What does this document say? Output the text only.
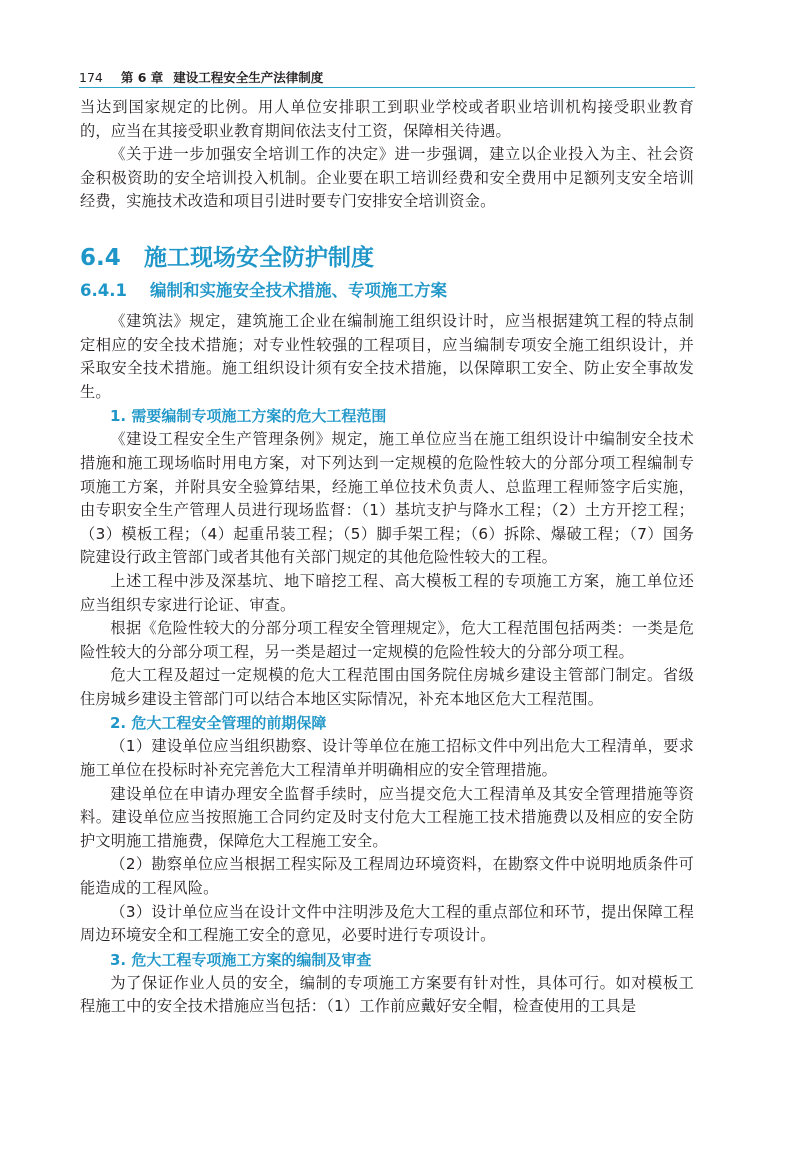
174 第 6 章 建设工程安全生产法律制度

当达到国家规定的比例。用人单位安排职工到职业学校或者职业培训机构接受职业教育的，应当在其接受职业教育期间依法支付工资，保障相关待遇。

《关于进一步加强安全培训工作的决定》进一步强调，建立以企业投入为主、社会资金积极资助的安全培训投入机制。企业要在职工培训经费和安全费用中足额列支安全培训经费，实施技术改造和项目引进时要专门安排安全培训资金。

6.4 施工现场安全防护制度
6.4.1 编制和实施安全技术措施、专项施工方案

《建筑法》规定，建筑施工企业在编制施工组织设计时，应当根据建筑工程的特点制定相应的安全技术措施；对专业性较强的工程项目，应当编制专项安全施工组织设计，并采取安全技术措施。施工组织设计须有安全技术措施，以保障职工安全、防止安全事故发生。

1. 需要编制专项施工方案的危大工程范围

《建设工程安全生产管理条例》规定，施工单位应当在施工组织设计中编制安全技术措施和施工现场临时用电方案，对下列达到一定规模的危险性较大的分部分项工程编制专项施工方案，并附具安全验算结果，经施工单位技术负责人、总监理工程师签字后实施，由专职安全生产管理人员进行现场监督：（1）基坑支护与降水工程；（2）土方开挖工程；（3）模板工程；（4）起重吊装工程；（5）脚手架工程；（6）拆除、爆破工程；（7）国务院建设行政主管部门或者其他有关部门规定的其他危险性较大的工程。

上述工程中涉及深基坑、地下暗挖工程、高大模板工程的专项施工方案，施工单位还应当组织专家进行论证、审查。

根据《危险性较大的分部分项工程安全管理规定》，危大工程范围包括两类：一类是危险性较大的分部分项工程，另一类是超过一定规模的危险性较大的分部分项工程。

危大工程及超过一定规模的危大工程范围由国务院住房城乡建设主管部门制定。省级住房城乡建设主管部门可以结合本地区实际情况，补充本地区危大工程范围。

2. 危大工程安全管理的前期保障

（1）建设单位应当组织勘察、设计等单位在施工招标文件中列出危大工程清单，要求施工单位在投标时补充完善危大工程清单并明确相应的安全管理措施。

建设单位在申请办理安全监督手续时，应当提交危大工程清单及其安全管理措施等资料。建设单位应当按照施工合同约定及时支付危大工程施工技术措施费以及相应的安全防护文明施工措施费，保障危大工程施工安全。

（2）勘察单位应当根据工程实际及工程周边环境资料，在勘察文件中说明地质条件可能造成的工程风险。

（3）设计单位应当在设计文件中注明涉及危大工程的重点部位和环节，提出保障工程周边环境安全和工程施工安全的意见，必要时进行专项设计。

3. 危大工程专项施工方案的编制及审查

为了保证作业人员的安全，编制的专项施工方案要有针对性，具体可行。如对模板工程施工中的安全技术措施应当包括：（1）工作前应戴好安全帽，检查使用的工具是
